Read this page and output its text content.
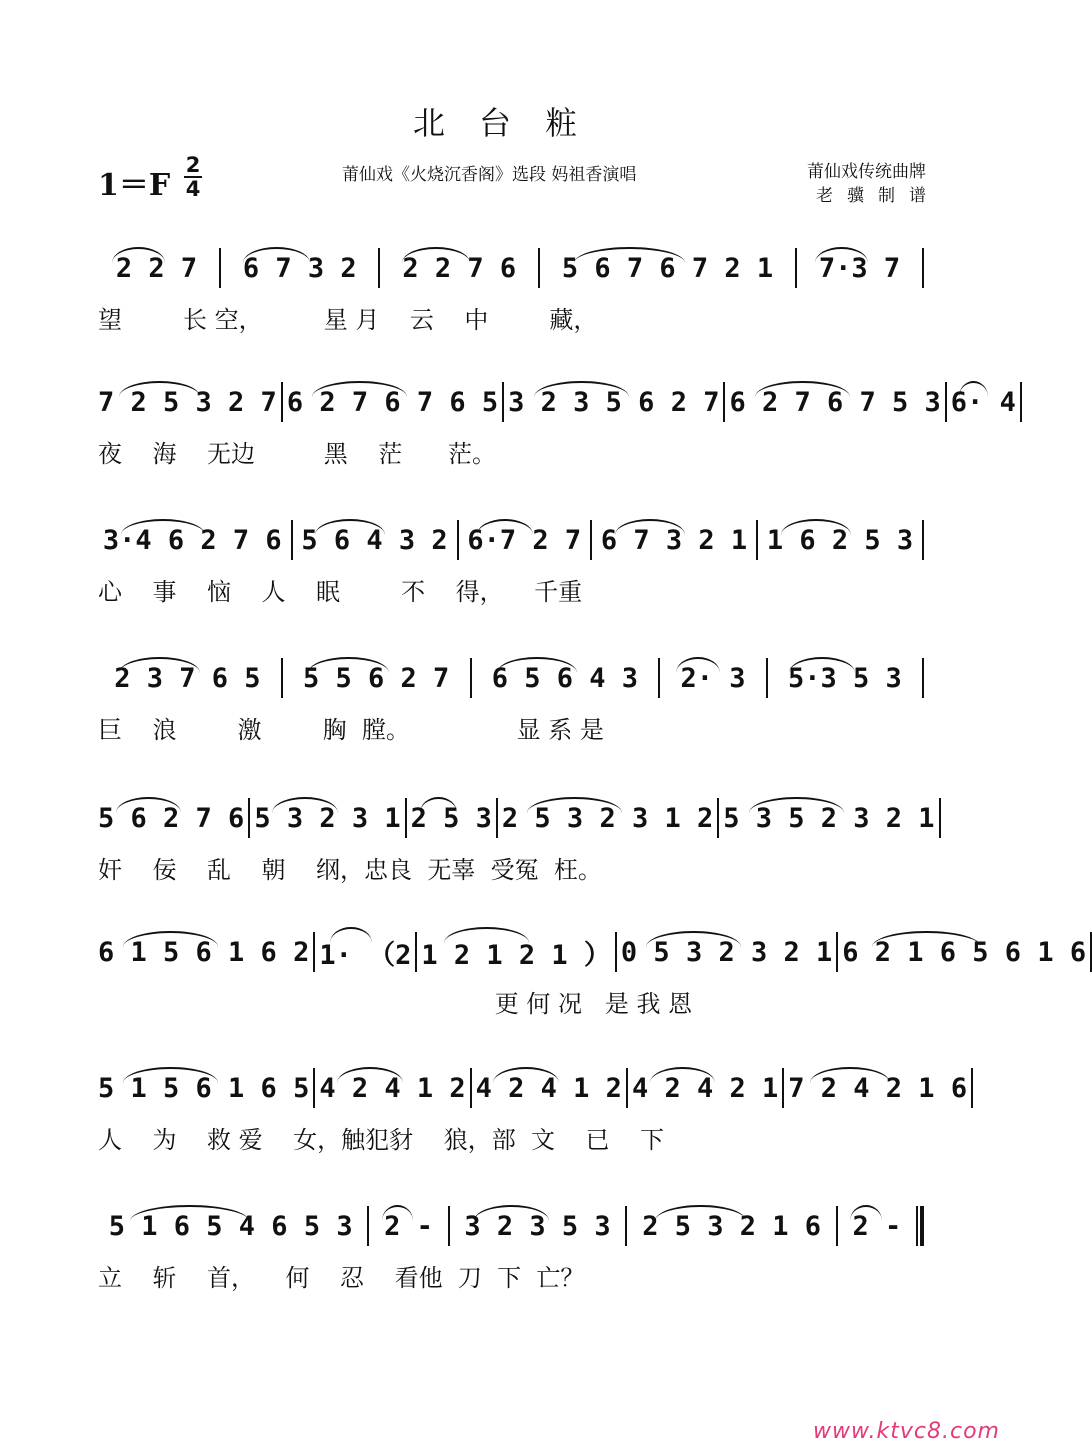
北台粧
1＝F
2
4
莆仙戏《火烧沉香阁》选段 妈祖香演唱	莆仙戏传统曲牌
老骥制谱
2 2 7	6 7 3 2	2 2 7 6	5 6 7 6 7 2 1	7·3 7
望        长 空，        星 月    云    中        藏，
7 2 5 3 2 7 6 2 7 6 7 6 5 3 2 3 5 6 2 7 6 2 7 6 7 5 3 6· 4
夜    海    无边         黑    茫      茫。
3·4 6 2 7 6 5 6 4 3 2 6·7 2 7 6 7 3 2 1 1 6 2 5 3
心    事    恼    人    眠        不    得，    千重
2 3 7 6 5	5 5 6 2 7	6 5 6 4 3	2· 3	5·3 5 3
巨    浪        激        胸  膛。              显 系 是
5 6 2 7 6 5 3 2 3 1 2 5 3 2 5 3 2 3 1 2 5 3 5 2 3 2 1
奸    佞    乱    朝    纲，忠良  无辜  受冤  枉。
6 1 5 6 1 6 2 1· （2 1 2 1 2 1 ） 0 5 3 2 3 2 1 6 2 1 6 5 6 1 6
更 何 况   是 我 恩
5 1 5 6 1 6 5 4 2 4 1 2 4 2 4 1 2 4 2 4 2 1 7 2 4 2 1 6
人    为    救 爱    女，触犯豺    狼，部  文    已    下
5 1 6 5 4 6 5 3	2 -	3 2 3 5 3	2 5 3 2 1 6	2 -
立    斩    首，    何    忍    看他  刀  下  亡？
www.ktvc8.com
